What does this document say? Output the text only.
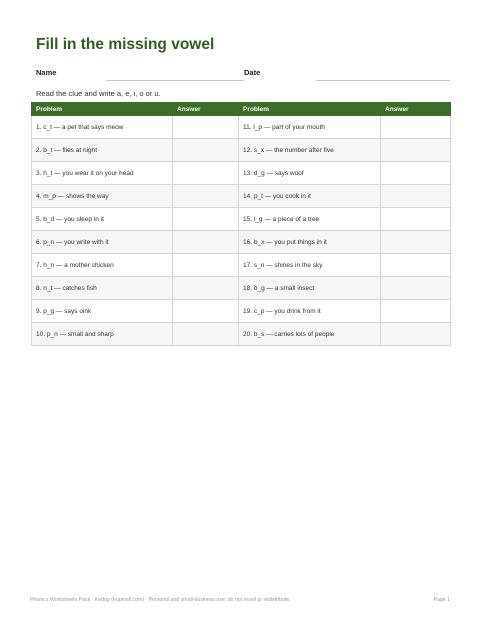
Fill in the missing vowel
Name	Date
Read the clue and write a, e, i, o or u.
Problem	Answer	Problem	Answer
1. c_t — a pet that says meow		11. l_p — part of your mouth	
2. b_t — flies at night		12. s_x — the number after five	
3. h_t — you wear it on your head		13. d_g — says woof	
4. m_p — shows the way		14. p_t — you cook in it	
5. b_d — you sleep in it		15. l_g — a piece of a tree	
6. p_n — you write with it		16. b_x — you put things in it	
7. h_n — a mother chicken		17. s_n — shines in the sky	
8. n_t — catches fish		18. b_g — a small insect	
9. p_g — says oink		19. c_p — you drink from it	
10. p_n — small and sharp		20. b_s — carries lots of people	
Phonics Worksheets Pack · Kedop (eupmall.com) · Personal and small-business use; do not resell or redistribute.	Page 1
